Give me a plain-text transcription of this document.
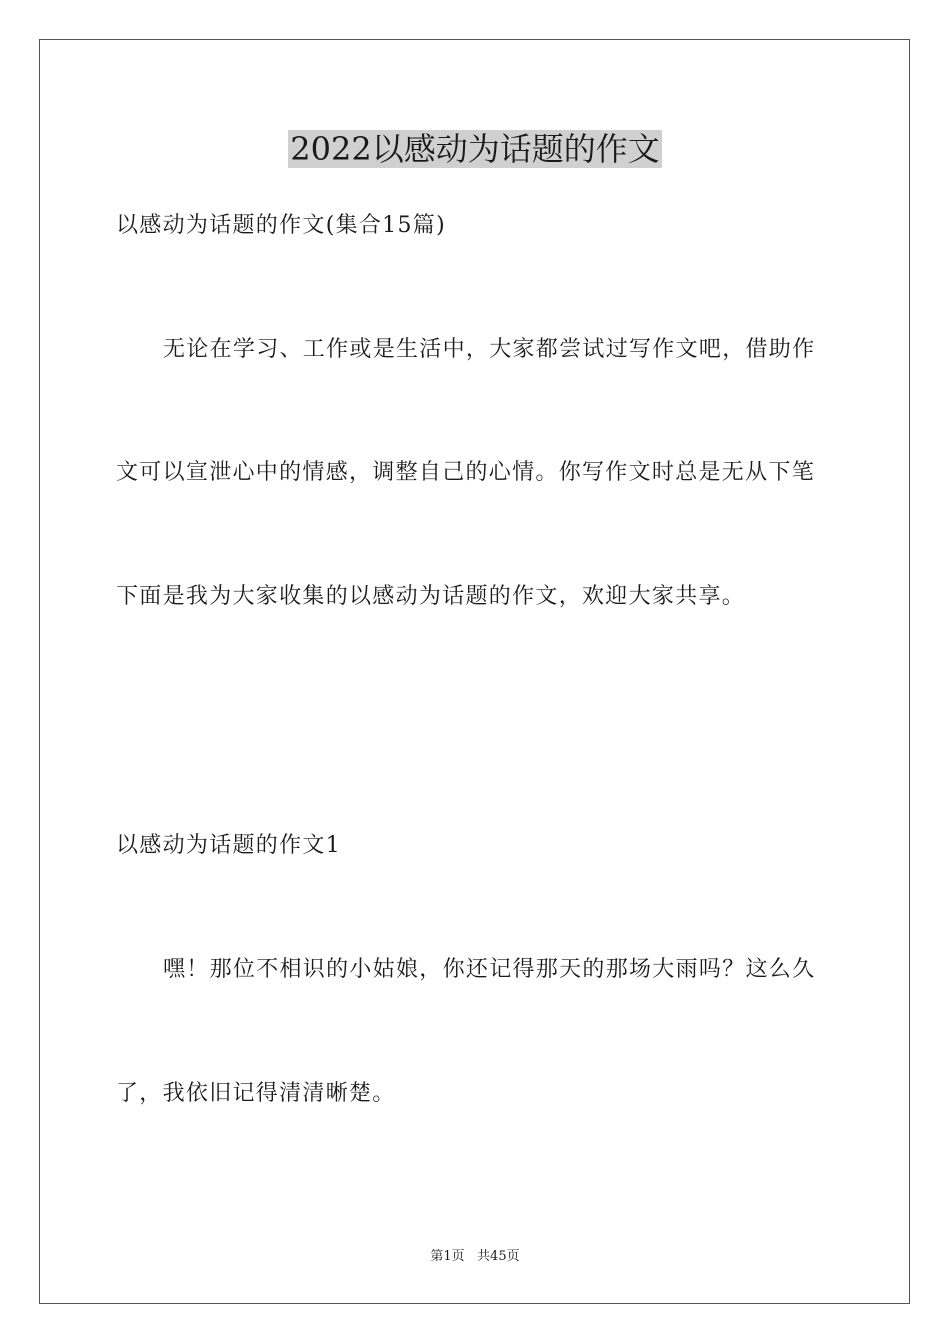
2022以感动为话题的作文

以感动为话题的作文(集合15篇)

无论在学习、工作或是生活中，大家都尝试过写作文吧，借助作

文可以宣泄心中的情感，调整自己的心情。你写作文时总是无从下笔

下面是我为大家收集的以感动为话题的作文，欢迎大家共享。

以感动为话题的作文1

嘿！那位不相识的小姑娘，你还记得那天的那场大雨吗？这么久

了，我依旧记得清清晰楚。

第1页   共45页
